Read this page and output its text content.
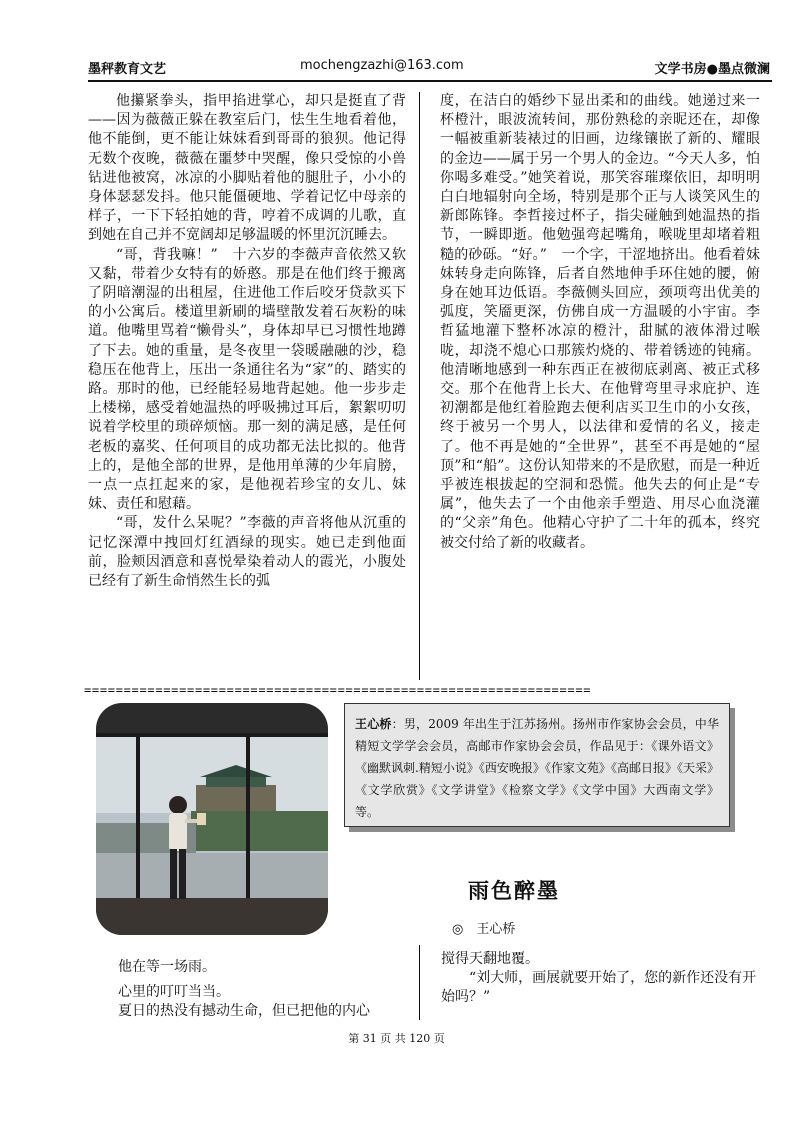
墨秤教育文艺	mochengzazhi@163.com	文学书房●墨点微澜

他攥紧拳头，指甲掐进掌心，却只是挺直了背——因为薇薇正躲在教室后门，怯生生地看着他，他不能倒，更不能让妹妹看到哥哥的狼狈。他记得无数个夜晚，薇薇在噩梦中哭醒，像只受惊的小兽钻进他被窝，冰凉的小脚贴着他的腿肚子，小小的身体瑟瑟发抖。他只能僵硬地、学着记忆中母亲的样子，一下下轻拍她的背，哼着不成调的儿歌，直到她在自己并不宽阔却足够温暖的怀里沉沉睡去。

“哥，背我嘛！”　十六岁的李薇声音依然又软又黏，带着少女特有的娇憨。那是在他们终于搬离了阴暗潮湿的出租屋，住进他工作后咬牙贷款买下的小公寓后。楼道里新刷的墙壁散发着石灰粉的味道。他嘴里骂着“懒骨头”，身体却早已习惯性地蹲了下去。她的重量，是冬夜里一袋暖融融的沙，稳稳压在他背上，压出一条通往名为“家”的、踏实的路。那时的他，已经能轻易地背起她。他一步步走上楼梯，感受着她温热的呼吸拂过耳后，絮絮叨叨说着学校里的琐碎烦恼。那一刻的满足感，是任何老板的嘉奖、任何项目的成功都无法比拟的。他背上的，是他全部的世界，是他用单薄的少年肩膀，一点一点扛起来的家，是他视若珍宝的女儿、妹妹、责任和慰藉。

“哥，发什么呆呢？”李薇的声音将他从沉重的记忆深潭中拽回灯红酒绿的现实。她已走到他面前，脸颊因酒意和喜悦晕染着动人的霞光，小腹处已经有了新生命悄然生长的弧

度，在洁白的婚纱下显出柔和的曲线。她递过来一杯橙汁，眼波流转间，那份熟稔的亲昵还在，却像一幅被重新装裱过的旧画，边缘镶嵌了新的、耀眼的金边——属于另一个男人的金边。“今天人多，怕你喝多难受。”她笑着说，那笑容璀璨依旧，却明明白白地辐射向全场，特别是那个正与人谈笑风生的新郎陈锋。李哲接过杯子，指尖碰触到她温热的指节，一瞬即逝。他勉强弯起嘴角，喉咙里却堵着粗糙的砂砾。“好。”　一个字，干涩地挤出。他看着妹妹转身走向陈锋，后者自然地伸手环住她的腰，俯身在她耳边低语。李薇侧头回应，颈项弯出优美的弧度，笑靥更深，仿佛自成一方温暖的小宇宙。李哲猛地灌下整杯冰凉的橙汁，甜腻的液体滑过喉咙，却浇不熄心口那簇灼烧的、带着锈迹的钝痛。他清晰地感到一种东西正在被彻底剥离、被正式移交。那个在他背上长大、在他臂弯里寻求庇护、连初潮都是他红着脸跑去便利店买卫生巾的小女孩，终于被另一个男人，以法律和爱情的名义，接走了。他不再是她的“全世界”，甚至不再是她的“屋顶”和“船”。这份认知带来的不是欣慰，而是一种近乎被连根拔起的空洞和恐慌。他失去的何止是“专属”，他失去了一个由他亲手塑造、用尽心血浇灌的“父亲”角色。他精心守护了二十年的孤本，终究被交付给了新的收藏者。

================================================================
王心桥：男，2009 年出生于江苏扬州。扬州市作家协会会员，中华精短文学学会会员，高邮市作家协会会员，作品见于：《课外语文》《幽默讽刺.精短小说》《西安晚报》《作家文苑》《高邮日报》《天采》《文学欣赏》《文学讲堂》《检察文学》《文学中国》大西南文学》等。
雨色醉墨
◎　王心桥
他在等一场雨。
心里的叮叮当当。
夏日的热没有撼动生命，但已把他的内心
搅得天翻地覆。
“刘大师，画展就要开始了，您的新作还没有开始吗？”
第 31 页 共 120 页
